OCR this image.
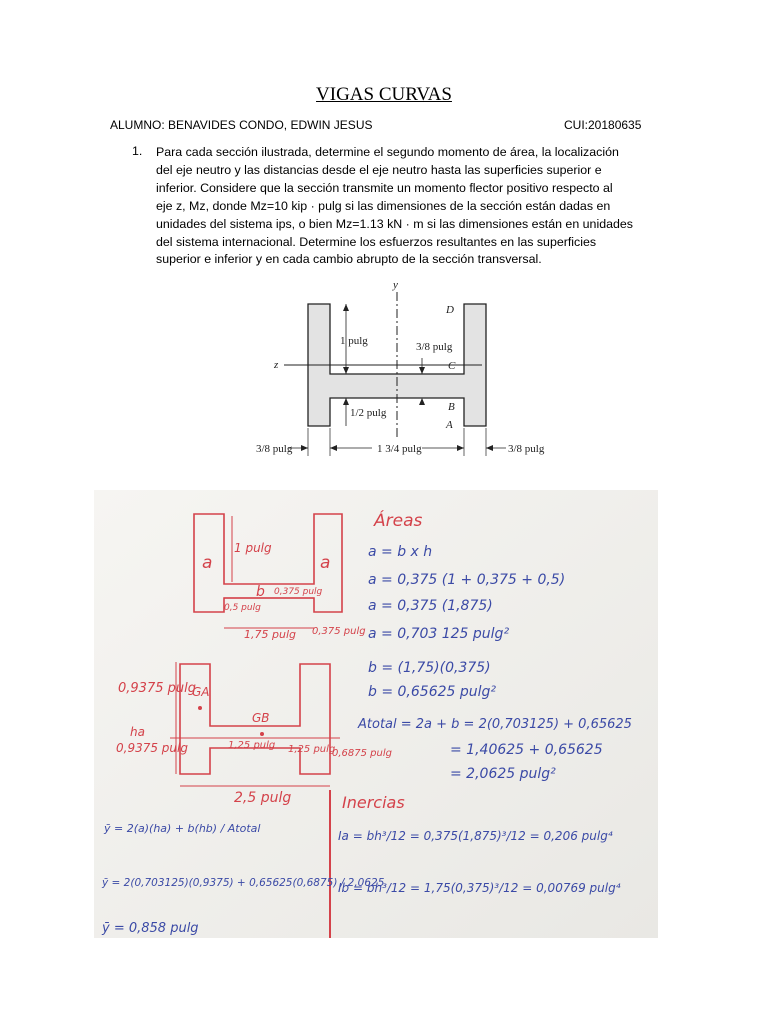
VIGAS CURVAS
ALUMNO: BENAVIDES CONDO, EDWIN JESUS	CUI:20180635
1. Para cada sección ilustrada, determine el segundo momento de área, la localización
del eje neutro y las distancias desde el eje neutro hasta las superficies superior e
inferior. Considere que la sección transmite un momento flector positivo respecto al
eje z, Mz, donde Mz=10 kip · pulg si las dimensiones de la sección están dadas en
unidades del sistema ips, o bien Mz=1.13 kN · m si las dimensiones están en unidades
del sistema internacional. Determine los esfuerzos resultantes en las superficies
superior e inferior y en cada cambio abrupto de la sección transversal.
y
z
D
C
B
A
1 pulg	3/8 pulg
1/2 pulg
3/8 pulg	1 3/4 pulg	3/8 pulg
a	a
b
1 pulg
0,375 pulg
0,5 pulg
1,75 pulg 0,375 pulg
GA
GB
0,9375 pulg
ha
0,9375 pulg	1,25 pulg 1,25 pulg
0,6875 pulg
2,5 pulg
Áreas
a = b x h
a = 0,375 (1 + 0,375 + 0,5)
a = 0,375 (1,875)
a = 0,703 125 pulg²
b = (1,75)(0,375)
b = 0,65625 pulg²
Atotal = 2a + b = 2(0,703125) + 0,65625
= 1,40625 + 0,65625
= 2,0625 pulg²
ȳ = 2(a)(ha) + b(hb) / Atotal
ȳ = 2(0,703125)(0,9375) + 0,65625(0,6875) / 2,0625
ȳ = 0,858 pulg
Inercias
Ia = bh³/12 = 0,375(1,875)³/12 = 0,206 pulg⁴
Ib = bh³/12 = 1,75(0,375)³/12 = 0,00769 pulg⁴
